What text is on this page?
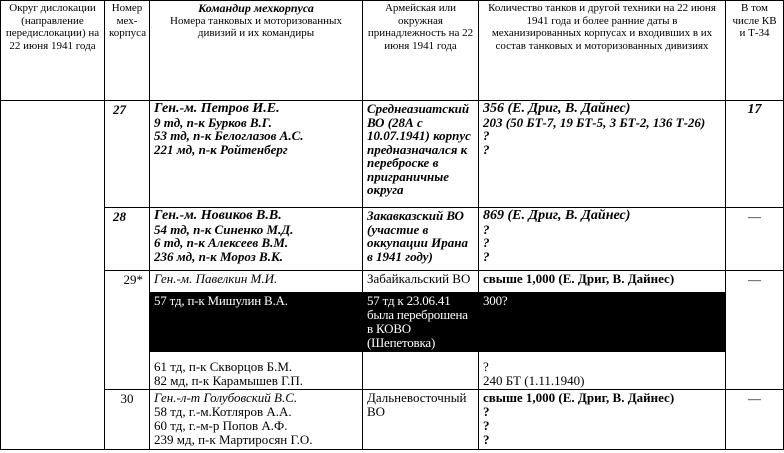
Округ дислокации (направление передислокации) на 22 июня 1941 года	Номер мех-корпуса	Командир мехкорпуса
Номера танковых и моторизованных дивизий и их командиры	Армейская или окружная принадлежность на 22 июня 1941 года	Количество танков и другой техники на 22 июня 1941 года и более ранние даты в механизированных корпусах и входивших в их состав танковых и моторизованных дивизиях	В том числе КВ и Т-34
	27	Ген.-м. Петров И.Е.
9 тд, п-к Бурков В.Г.
53 тд, п-к Белоглазов А.С.
221 мд, п-к Ройтенберг	Среднеазиатский ВО (28А с 10.07.1941) корпус предназначался к переброске в приграничные округа	356 (Е. Дриг, В. Дайнес)
203 (50 БТ-7, 19 БТ-5, 3 БТ-2, 136 Т-26)
?
?	17
	28	Ген.-м. Новиков В.В.
54 тд, п-к Синенко М.Д.
6 тд, п-к Алексеев В.М.
236 мд, п-к Мороз В.К.	Закавказский ВО (участие в оккупации Ирана в 1941 году)	869 (Е. Дриг, В. Дайнес)
?
?
?	—
	29*	Ген.-м. Павелкин М.И.	Забайкальский ВО	свыше 1,000 (Е. Дриг, В. Дайнес)	—
		57 тд, п-к Мишулин В.А.	57 тд к 23.06.41 была переброшена в КОВО (Шепетовка)	300?	

		61 тд, п-к Скворцов Б.М.
82 мд, п-к Карамышев Г.П.		?
240 БТ (1.11.1940)	

	30	Ген.-л-т Голубовский В.С.
58 тд, г.-м.Котляров А.А.
60 тд, г.-м-р Попов А.Ф.
239 мд, п-к Мартиросян Г.О.	Дальневосточный ВО	свыше 1,000 (Е. Дриг, В. Дайнес)
?
?
?	—
